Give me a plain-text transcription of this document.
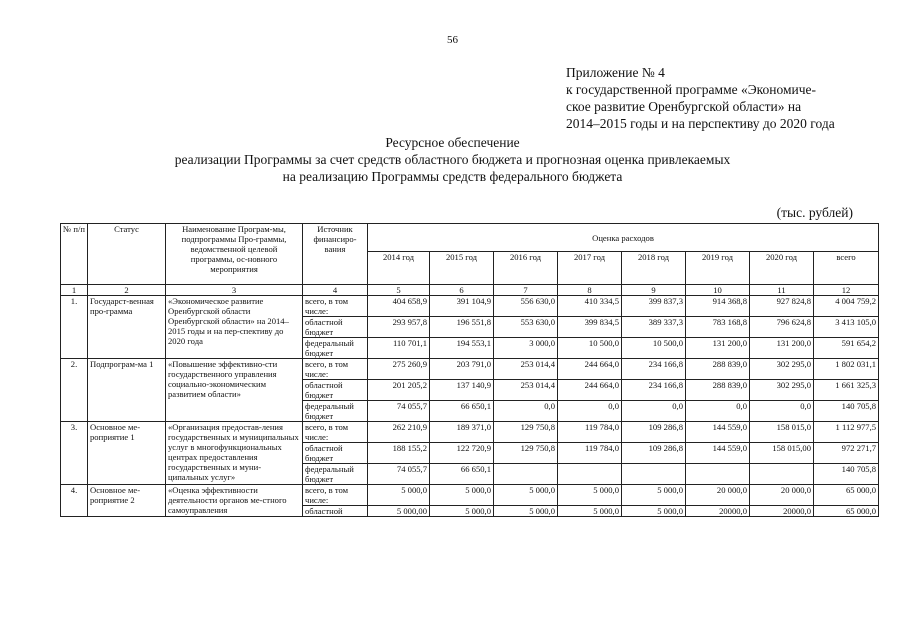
56
Приложение № 4
к государственной программе «Экономиче-
ское развитие Оренбургской области» на
2014–2015 годы и на перспективу до 2020 года
Ресурсное обеспечение
реализации Программы за счет средств областного бюджета и прогнозная оценка привлекаемых
на реализацию Программы средств федерального бюджета
(тыс. рублей)
№ п/п	Статус	Наименование Програм-мы, подпрограммы Про-граммы, ведомственной целевой программы, ос-новного мероприятия	Источник финансиро-вания	Оценка расходов							
				2014 год	2015 год	2016 год	2017 год	2018 год	2019 год	2020 год	всего
1	2	3	4	5	6	7	8	9	10	11	12
1.	Государст-венная про-грамма	«Экономическое развитие Оренбургской области Оренбургской области» на 2014–2015 годы и на пер-спективу до 2020 года	всего, в том числе:	404 658,9	391 104,9	556 630,0	410 334,5	399 837,3	914 368,8	927 824,8	4 004 759,2
			областной бюджет	293 957,8	196 551,8	553 630,0	399 834,5	389 337,3	783 168,8	796 624,8	3 413 105,0
			федеральный бюджет	110 701,1	194 553,1	3 000,0	10 500,0	10 500,0	131 200,0	131 200,0	591 654,2
2.	Подпрограм-ма 1	«Повышение эффективно-сти государственного управления социально-экономическим развитием области»	всего, в том числе:	275 260,9	203 791,0	253 014,4	244 664,0	234 166,8	288 839,0	302 295,0	1 802 031,1
			областной бюджет	201 205,2	137 140,9	253 014,4	244 664,0	234 166,8	288 839,0	302 295,0	1 661 325,3
			федеральный бюджет	74 055,7	66 650,1	0,0	0,0	0,0	0,0	0,0	140 705,8
3.	Основное ме-роприятие 1	«Организация предостав-ления государственных и муниципальных услуг в многофункциональных центрах предоставления государственных и муни-ципальных услуг»	всего, в том числе:	262 210,9	189 371,0	129 750,8	119 784,0	109 286,8	144 559,0	158 015,0	1 112 977,5
			областной бюджет	188 155,2	122 720,9	129 750,8	119 784,0	109 286,8	144 559,0	158 015,00	972 271,7
			федеральный бюджет	74 055,7	66 650,1						140 705,8
4.	Основное ме-роприятие 2	«Оценка эффективности деятельности органов ме-стного самоуправления	всего, в том числе:	5 000,0	5 000,0	5 000,0	5 000,0	5 000,0	20 000,0	20 000,0	65 000,0
			областной	5 000,00	5 000,0	5 000,0	5 000,0	5 000,0	20000,0	20000,0	65 000,0
